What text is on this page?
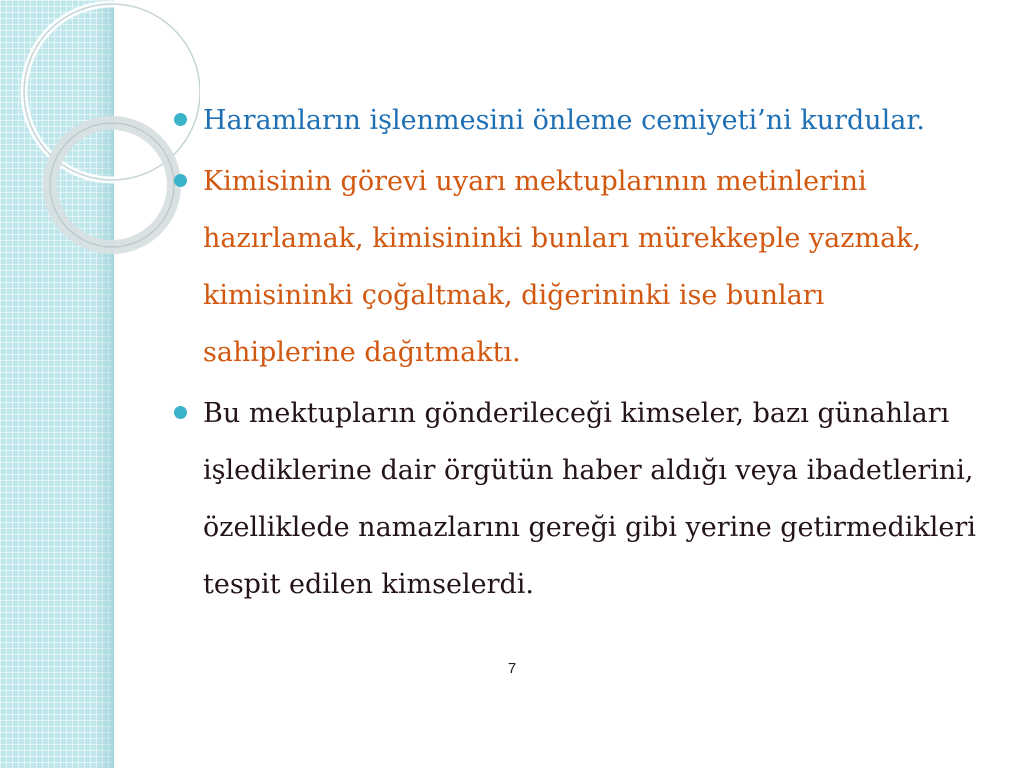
Haramların işlenmesini önleme cemiyeti’ni kurdular.
Kimisinin görevi uyarı mektuplarının metinlerini hazırlamak, kimisininki bunları mürekkeple yazmak, kimisininki çoğaltmak, diğerininki ise bunları sahiplerine dağıtmaktı.
Bu mektupların gönderileceği kimseler, bazı günahları işlediklerine dair örgütün haber aldığı veya ibadetlerini, özelliklede namazlarını gereği gibi yerine getirmedikleri tespit edilen kimselerdi.
7
